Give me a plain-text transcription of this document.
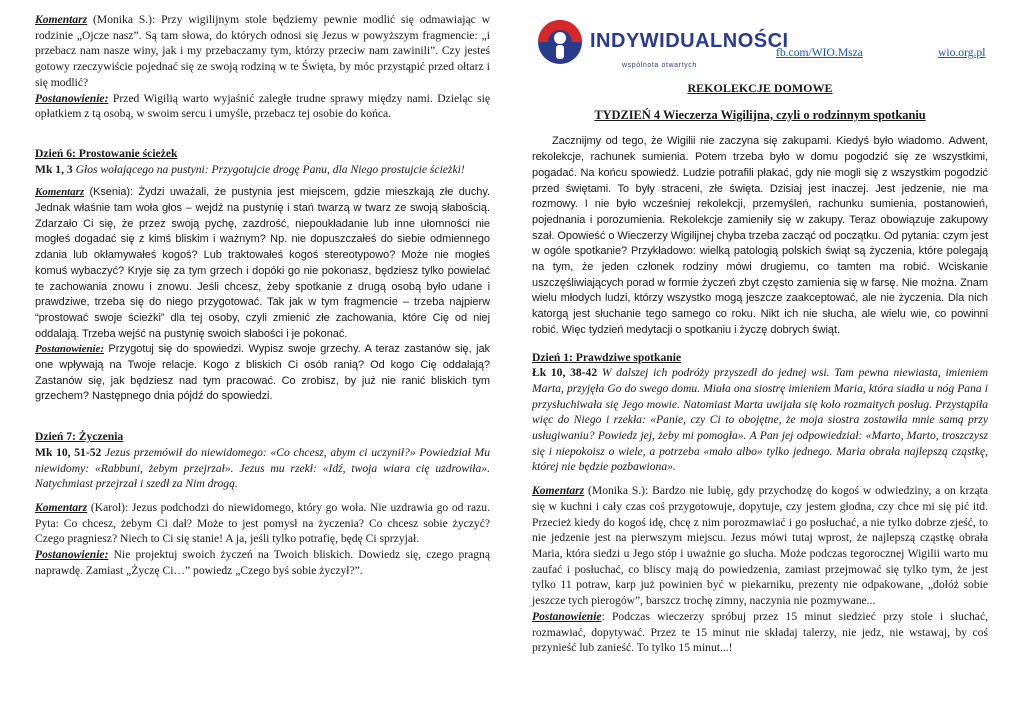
Komentarz (Monika S.): Przy wigilijnym stole będziemy pewnie modlić się odmawiając w rodzinie „Ojcze nasz”. Są tam słowa, do których odnosi się Jezus w powyższym fragmencie: „i przebacz nam nasze winy, jak i my przebaczamy tym, którzy przeciw nam zawinili”. Czy jesteś gotowy rzeczywiście pojednać się ze swoją rodziną w te Święta, by móc przystąpić przed ołtarz i się modlić?

Postanowienie: Przed Wigilią warto wyjaśnić zaległe trudne sprawy między nami. Dzieląc się opłatkiem z tą osobą, w swoim sercu i umyśle, przebacz tej osobie do końca.

Dzień 6: Prostowanie ścieżek

Mk 1, 3 Głos wołającego na pustyni: Przygotujcie drogę Panu, dla Niego prostujcie ścieżki!

Komentarz (Ksenia): Żydzi uważali, że pustynia jest miejscem, gdzie mieszkają złe duchy. Jednak właśnie tam woła głos – wejdź na pustynię i stań twarzą w twarz ze swoją słabością. Zdarzało Ci się, że przez swoją pychę, zazdrość, niepoukładanie lub inne ułomności nie mogłeś dogadać się z kimś bliskim i ważnym? Np. nie dopuszczałeś do siebie odmiennego zdania lub okłamywałeś kogoś? Lub traktowałeś kogoś stereotypowo? Może nie mogłeś komuś wybaczyć? Kryje się za tym grzech i dopóki go nie pokonasz, będziesz tylko powielać te zachowania znowu i znowu. Jeśli chcesz, żeby spotkanie z drugą osobą było udane i prawdziwe, trzeba się do niego przygotować. Tak jak w tym fragmencie – trzeba najpierw “prostować swoje ścieżki” dla tej osoby, czyli zmienić złe zachowania, które Cię od niej oddalają. Trzeba wejść na pustynię swoich słabości i je pokonać.

Postanowienie: Przygotuj się do spowiedzi. Wypisz swoje grzechy. A teraz zastanów się, jak one wpływają na Twoje relacje. Kogo z bliskich Ci osób ranią? Od kogo Cię oddalają? Zastanów się, jak będziesz nad tym pracować. Co zrobisz, by już nie ranić bliskich tym grzechem? Następnego dnia pójdź do spowiedzi.

Dzień 7: Życzenia

Mk 10, 51-52 Jezus przemówił do niewidomego: «Co chcesz, abym ci uczynił?» Powiedział Mu niewidomy: «Rabbuni, żebym przejrzał». Jezus mu rzekł: «Idź, twoja wiara cię uzdrowiła». Natychmiast przejrzał i szedł za Nim drogą.

Komentarz (Karol): Jezus podchodzi do niewidomego, który go woła. Nie uzdrawia go od razu. Pyta: Co chcesz, żebym Ci dał? Może to jest pomysł na życzenia? Co chcesz sobie życzyć? Czego pragniesz? Niech to Ci się stanie! A ja, jeśli tylko potrafię, będę Ci sprzyjał.

Postanowienie: Nie projektuj swoich życzeń na Twoich bliskich. Dowiedz się, czego pragną naprawdę. Zamiast „Życzę Ci…” powiedz „Czego byś sobie życzył?”.

INDYWIDUALNOŚCI
wspólnota otwartych
fb.com/WIO.Msza	wio.org.pl

REKOLEKCJE DOMOWE

TYDZIEŃ 4 Wieczerza Wigilijna, czyli o rodzinnym spotkaniu

Zacznijmy od tego, że Wigilii nie zaczyna się zakupami. Kiedyś było wiadomo. Adwent, rekolekcje, rachunek sumienia. Potem trzeba było w domu pogodzić się ze wszystkimi, pogadać. Na końcu spowiedź. Ludzie potrafili płakać, gdy nie mogli się z wszystkim pogodzić przed świętami. To były straceni, złe święta. Dzisiaj jest inaczej. Jest jedzenie, nie ma rozmowy. I nie było wcześniej rekolekcji, przemyśleń, rachunku sumienia, postanowień, pojednania i porozumienia. Rekolekcje zamieniły się w zakupy. Teraz obowiązuje zakupowy szał. Opowieść o Wieczerzy Wigilijnej chyba trzeba zacząć od początku. Od pytania: czym jest w ogóle spotkanie? Przykładowo: wielką patologią polskich świąt są życzenia, które polegają na tym, że jeden członek rodziny mówi drugiemu, co tamten ma robić. Wciskanie uszczęśliwiających porad w formie życzeń zbyt często zamienia się w farsę. Nie można. Znam wielu młodych ludzi, którzy wszystko mogą jeszcze zaakceptować, ale nie życzenia. Dla nich katorgą jest słuchanie tego samego co roku. Nikt ich nie słucha, ale wielu wie, co powinni robić. Więc tydzień medytacji o spotkaniu i życzę dobrych świąt.

Dzień 1: Prawdziwe spotkanie

Łk 10, 38-42 W dalszej ich podróży przyszedł do jednej wsi. Tam pewna niewiasta, imieniem Marta, przyjęła Go do swego domu. Miała ona siostrę imieniem Maria, która siadła u nóg Pana i przysłuchiwała się Jego mowie. Natomiast Marta uwijała się koło rozmaitych posług. Przystąpiła więc do Niego i rzekła: «Panie, czy Ci to obojętne, że moja siostra zostawiła mnie samą przy usługiwaniu? Powiedz jej, żeby mi pomogła». A Pan jej odpowiedział: «Marto, Marto, troszczysz się i niepokoisz o wiele, a potrzeba «mało albo» tylko jednego. Maria obrała najlepszą cząstkę, której nie będzie pozbawiona».

Komentarz (Monika S.): Bardzo nie lubię, gdy przychodzę do kogoś w odwiedziny, a on krząta się w kuchni i cały czas coś przygotowuje, dopytuje, czy jestem głodna, czy chce mi się pić itd. Przecież kiedy do kogoś idę, chcę z nim porozmawiać i go posłuchać, a nie tylko dobrze zjeść, to nie jedzenie jest na pierwszym miejscu. Jezus mówi tutaj wprost, że najlepszą cząstkę obrała Maria, która siedzi u Jego stóp i uważnie go słucha. Może podczas tegorocznej Wigilii warto mu zaufać i posłuchać, co bliscy mają do powiedzenia, zamiast przejmować się tylko tym, że jest tylko 11 potraw, karp już powinien być w piekarniku, prezenty nie odpakowane, „dołóż sobie jeszcze tych pierogów”, barszcz trochę zimny, naczynia nie pozmywane...

Postanowienie: Podczas wieczerzy spróbuj przez 15 minut siedzieć przy stole i słuchać, rozmawiać, dopytywać. Przez te 15 minut nie składaj talerzy, nie jedz, nie wstawaj, by coś przynieść lub zanieść. To tylko 15 minut...!
